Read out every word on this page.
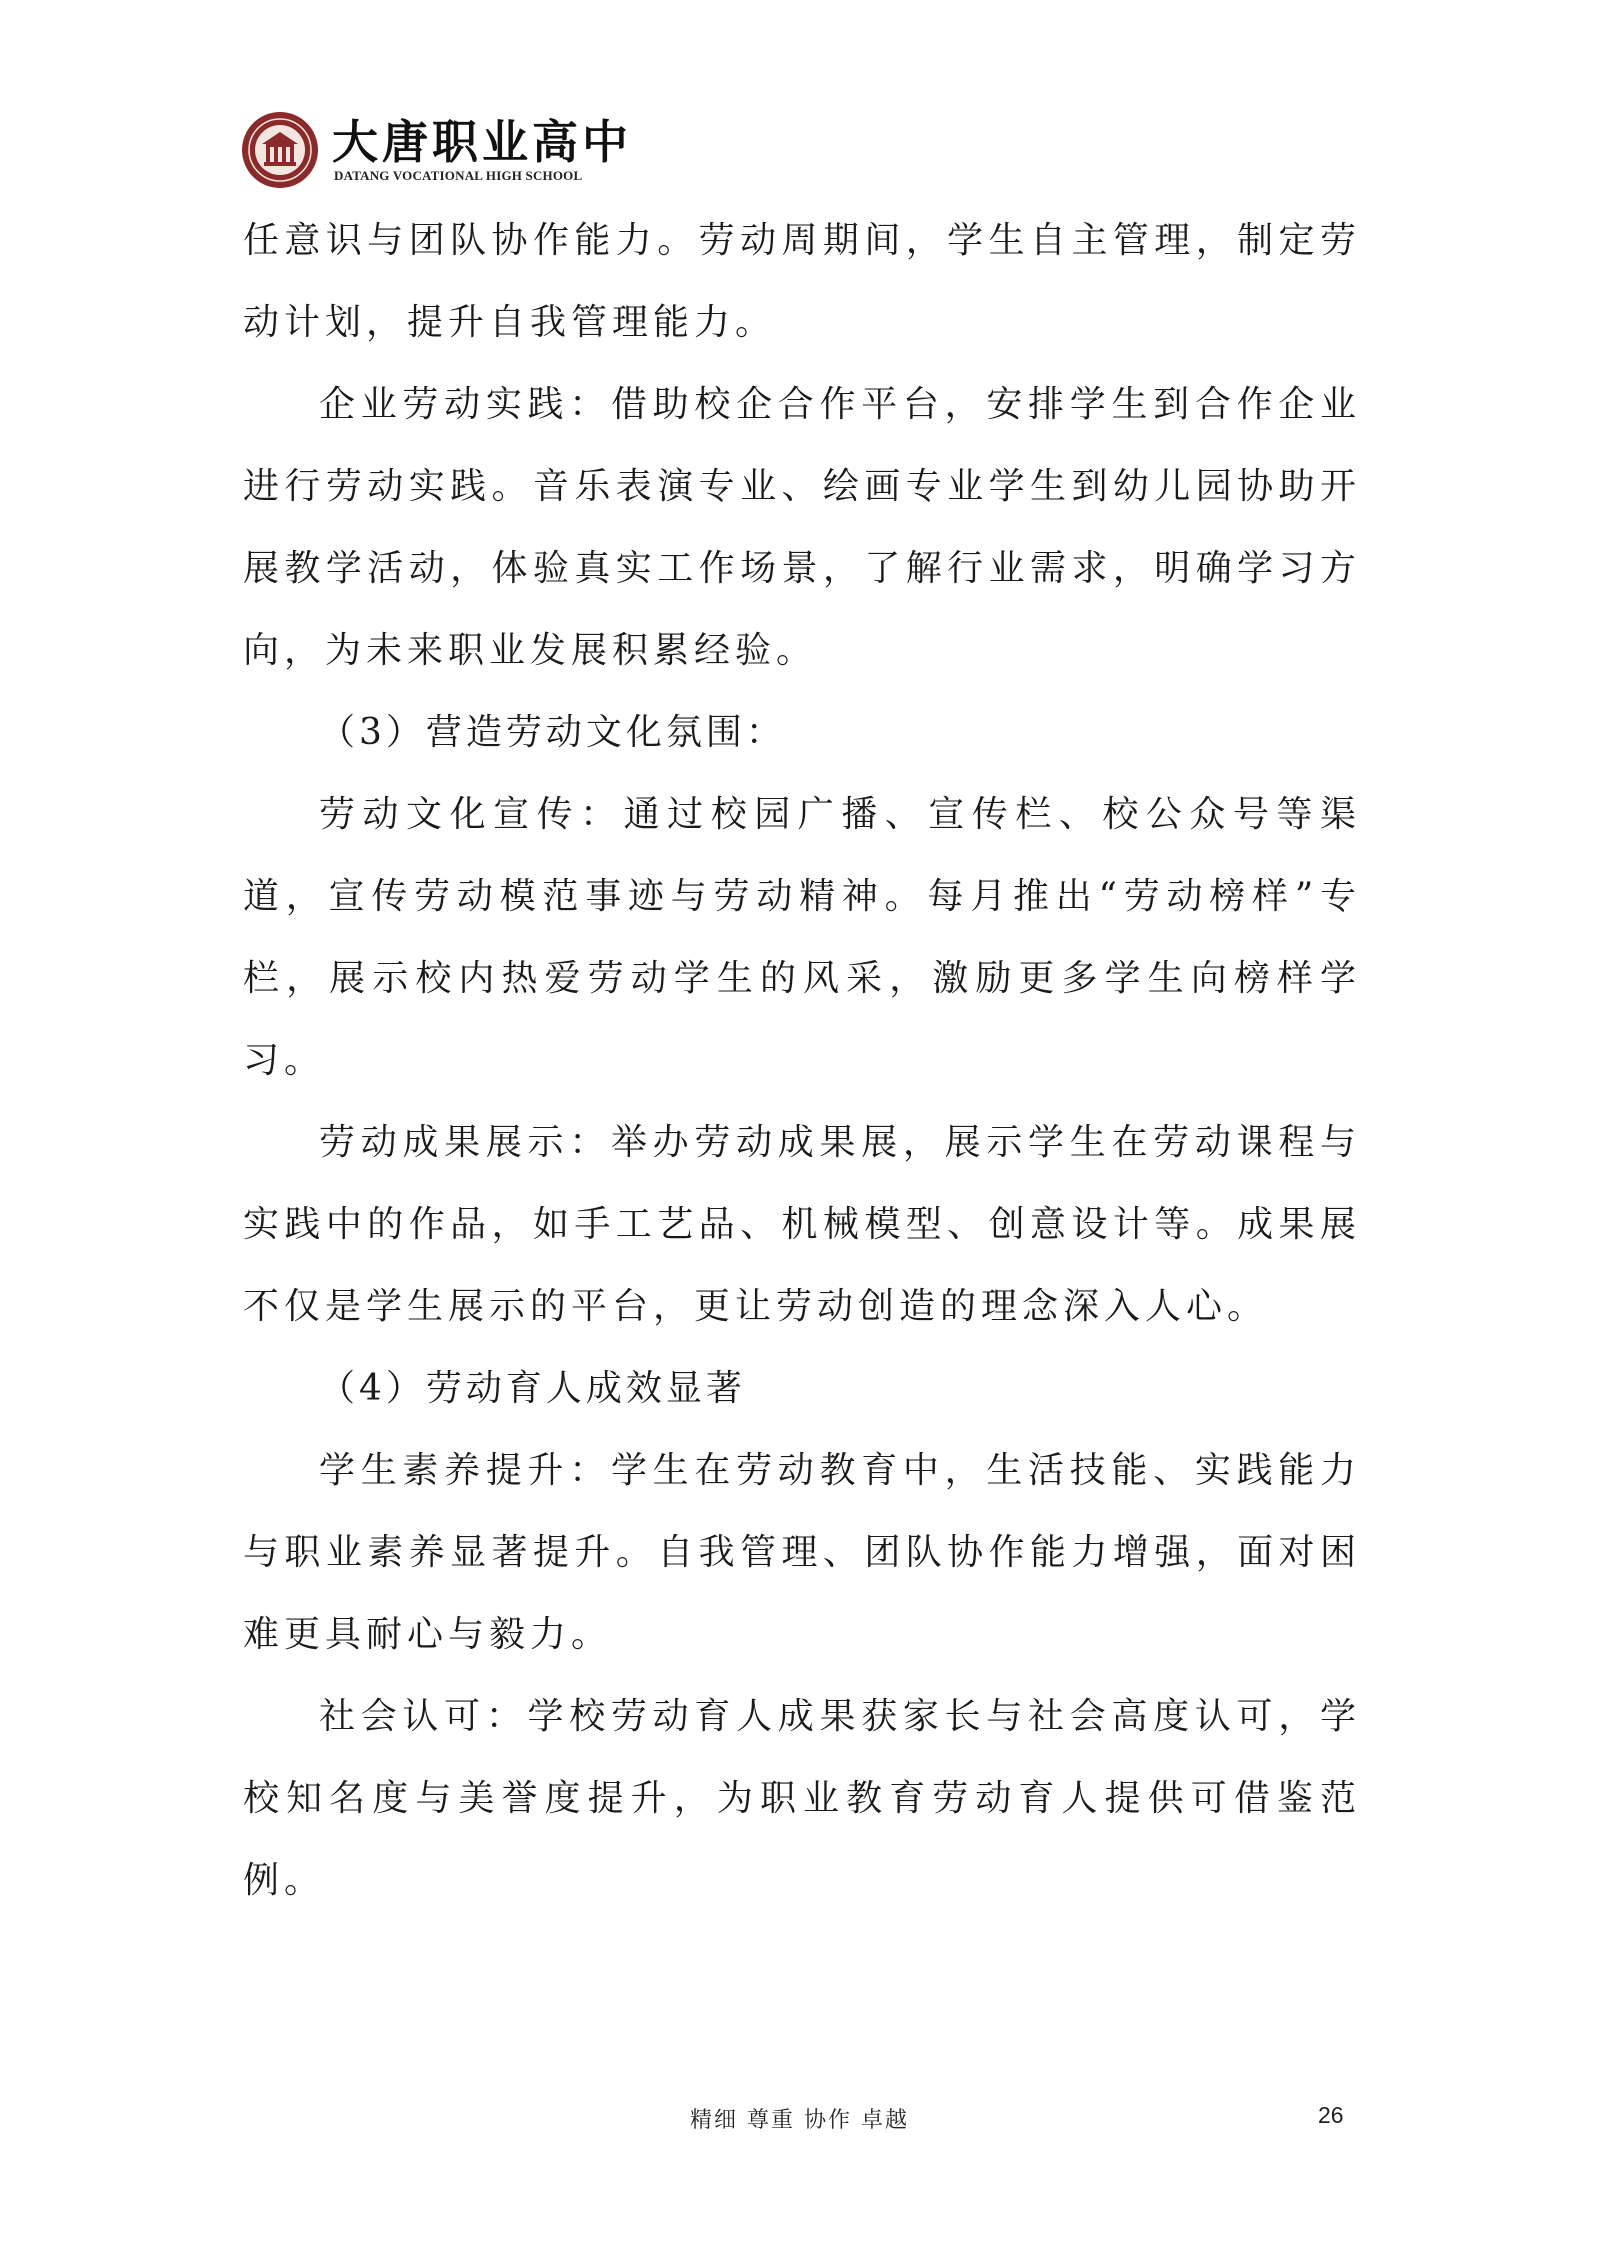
大唐职业高中
DATANG VOCATIONAL HIGH SCHOOL

任意识与团队协作能力。劳动周期间，学生自主管理，制定劳动计划，提升自我管理能力。

企业劳动实践：借助校企合作平台，安排学生到合作企业进行劳动实践。音乐表演专业、绘画专业学生到幼儿园协助开展教学活动，体验真实工作场景，了解行业需求，明确学习方向，为未来职业发展积累经验。

（3）营造劳动文化氛围：

劳动文化宣传：通过校园广播、宣传栏、校公众号等渠道，宣传劳动模范事迹与劳动精神。每月推出“劳动榜样”专栏，展示校内热爱劳动学生的风采，激励更多学生向榜样学习。

劳动成果展示：举办劳动成果展，展示学生在劳动课程与实践中的作品，如手工艺品、机械模型、创意设计等。成果展不仅是学生展示的平台，更让劳动创造的理念深入人心。

（4）劳动育人成效显著

学生素养提升：学生在劳动教育中，生活技能、实践能力与职业素养显著提升。自我管理、团队协作能力增强，面对困难更具耐心与毅力。

社会认可：学校劳动育人成果获家长与社会高度认可，学校知名度与美誉度提升，为职业教育劳动育人提供可借鉴范例。

精细 尊重 协作 卓越	26
